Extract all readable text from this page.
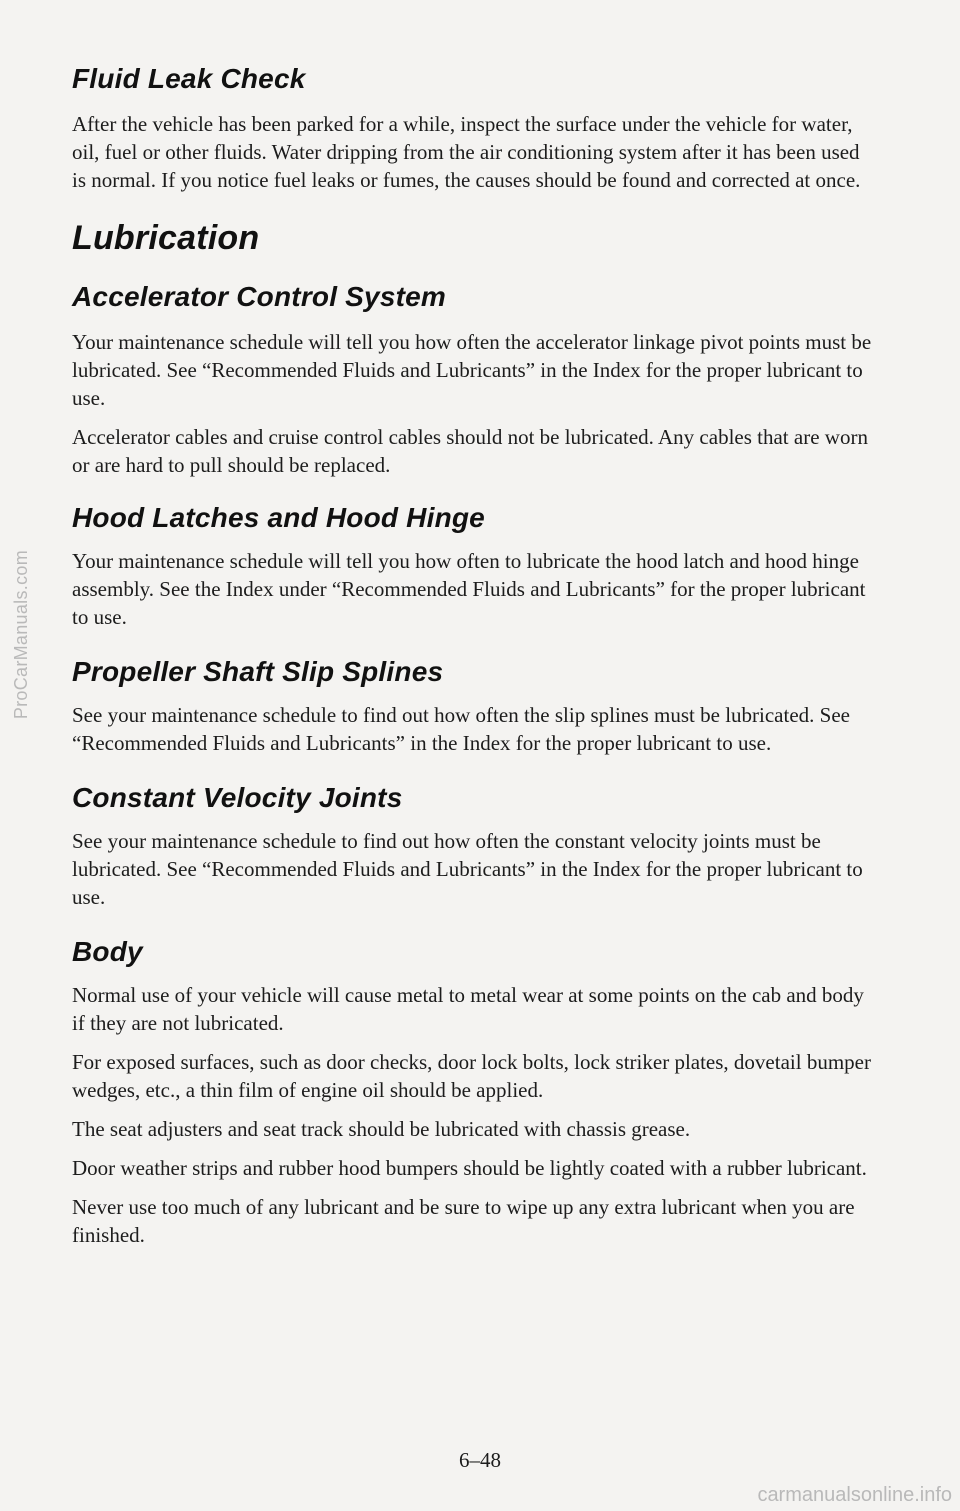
ProCarManuals.com
Fluid Leak Check

After the vehicle has been parked for a while, inspect the surface under the vehicle for water, oil, fuel or other fluids. Water dripping from the air conditioning system after it has been used is normal. If you notice fuel leaks or fumes, the causes should be found and corrected at once.

Lubrication
Accelerator Control System

Your maintenance schedule will tell you how often the accelerator linkage pivot points must be lubricated. See “Recommended Fluids and Lubricants” in the Index for the proper lubricant to use.

Accelerator cables and cruise control cables should not be lubricated. Any cables that are worn or are hard to pull should be replaced.

Hood Latches and Hood Hinge

Your maintenance schedule will tell you how often to lubricate the hood latch and hood hinge assembly. See the Index under “Recommended Fluids and Lubricants” for the proper lubricant to use.

Propeller Shaft Slip Splines

See your maintenance schedule to find out how often the slip splines must be lubricated. See “Recommended Fluids and Lubricants” in the Index for the proper lubricant to use.

Constant Velocity Joints

See your maintenance schedule to find out how often the constant velocity joints must be lubricated. See “Recommended Fluids and Lubricants” in the Index for the proper lubricant to use.

Body

Normal use of your vehicle will cause metal to metal wear at some points on the cab and body if they are not lubricated.

For exposed surfaces, such as door checks, door lock bolts, lock striker plates, dovetail bumper wedges, etc., a thin film of engine oil should be applied.

The seat adjusters and seat track should be lubricated with chassis grease.

Door weather strips and rubber hood bumpers should be lightly coated with a rubber lubricant.

Never use too much of any lubricant and be sure to wipe up any extra lubricant when you are finished.

6–48
carmanualsonline.info
